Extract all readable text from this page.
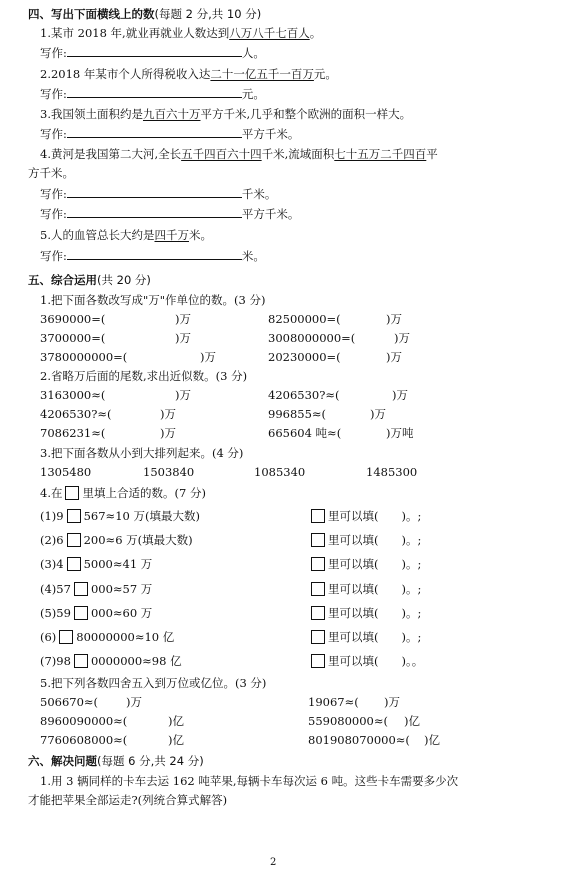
四、写出下面横线上的数(每题 2 分,共 10 分)
1.某市 2018 年,就业再就业人数达到八万八千七百人。
写作:	人。
2.2018 年某市个人所得税收入达二十一亿五千一百万元。
写作:	元。
3.我国领土面积约是九百六十万平方千米,几乎和整个欧洲的面积一样大。
写作:	平方千米。
4.黄河是我国第二大河,全长五千四百六十四千米,流域面积七十五万二千四百平
方千米。
写作:	千米。
写作:	平方千米。
5.人的血管总长大约是四千万米。
写作:	米。
五、综合运用(共 20 分)
1.把下面各数改写成"万"作单位的数。(3 分)
3690000=(	)万	82500000=(	)万
3700000=(	)万	3008000000=(	)万
3780000000=(	)万	20230000=(	)万
2.省略万后面的尾数,求出近似数。(3 分)
3163000≈(	)万	4206530?≈(	)万
4206530?≈(	)万	996855≈(	)万
7086231≈(	)万	665604 吨≈(	)万吨
3.把下面各数从小到大排列起来。(4 分)
1305480	1503840	1085340	1485300
4.在 里填上合适的数。(7 分)
(1)9 567≈10 万(填最大数)	里可以填(　　)。;
(2)6 200≈6 万(填最大数)	里可以填(　　)。;
(3)4 5000≈41 万	里可以填(　　)。;
(4)57 000≈57 万	里可以填(　　)。;
(5)59 000≈60 万	里可以填(　　)。;
(6) 80000000≈10 亿	里可以填(　　)。;
(7)98 0000000≈98 亿	里可以填(　　)。。
5.把下列各数四舍五入到万位或亿位。(3 分)
506670≈( )万	19067≈( )万
8960090000≈(	)亿	559080000≈( )亿
7760608000≈(	)亿	801908070000≈( )亿
六、解决问题(每题 6 分,共 24 分)
1.用 3 辆同样的卡车去运 162 吨苹果,每辆卡车每次运 6 吨。这些卡车需要多少次
才能把苹果全部运走?(列统合算式解答)
2
